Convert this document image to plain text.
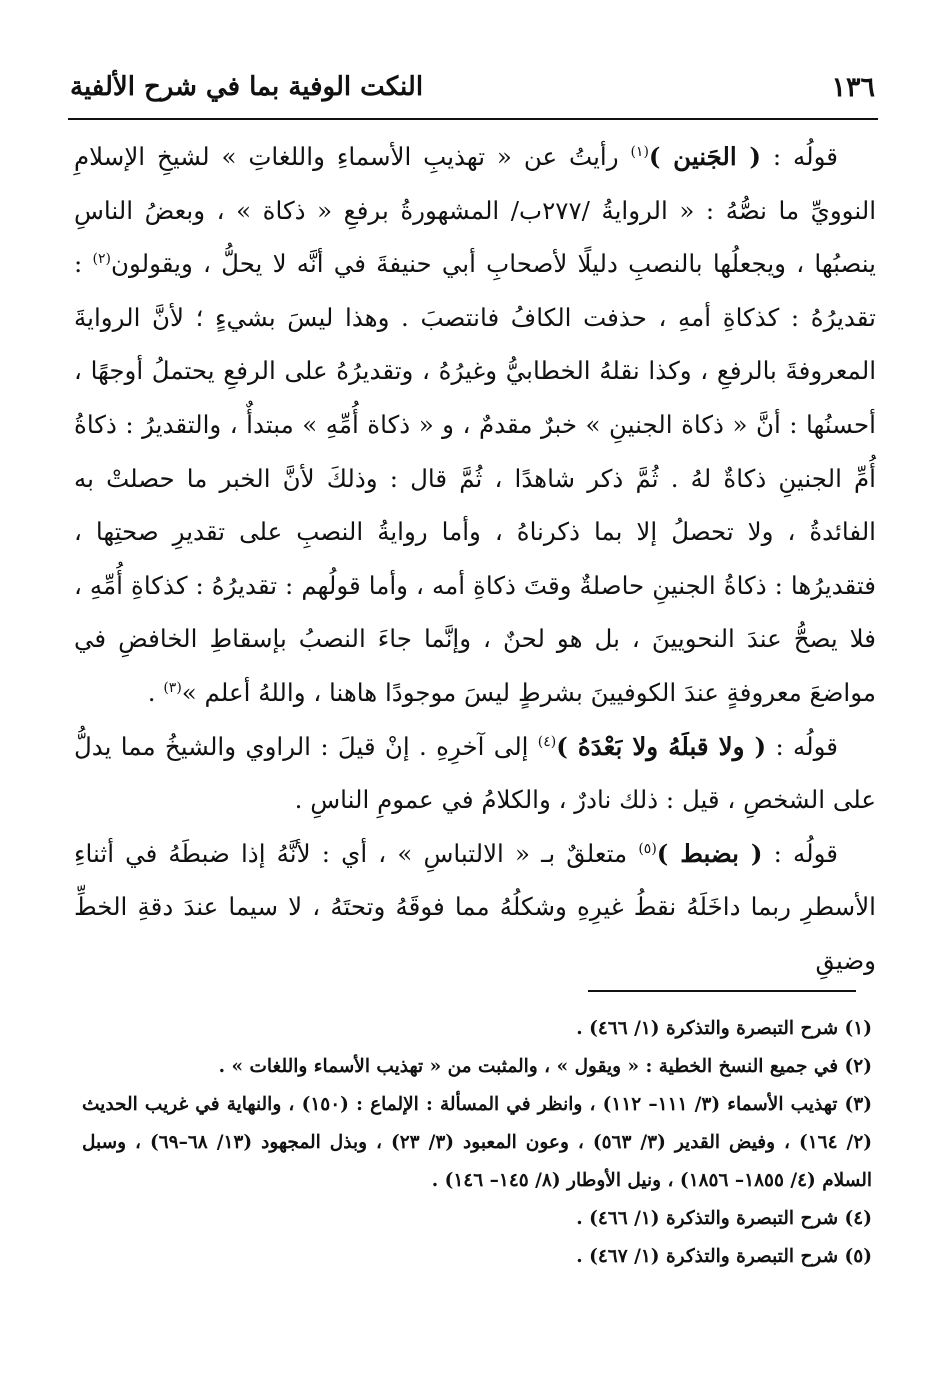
١٣٦
النكت الوفية بما في شرح الألفية

قولُه : ( الجَنين )$^{(١)}$ رأيتُ عن « تهذيبِ الأسماءِ واللغاتِ » لشيخِ الإسلامِ النوويِّ ما نصُّهُ : « الروايةُ /٢٧٧ب/ المشهورةُ برفعِ « ذكاة » ، وبعضُ الناسِ ينصبُها ، ويجعلُها بالنصبِ دليلًا لأصحابِ أبي حنيفةَ في أنَّه لا يحلُّ ، ويقولون$^{(٢)}$ : تقديرُهُ : كذكاةِ أمهِ ، حذفت الكافُ فانتصبَ . وهذا ليسَ بشيءٍ ؛ لأنَّ الروايةَ المعروفةَ بالرفعِ ، وكذا نقلهُ الخطابيُّ وغيرُهُ ، وتقديرُهُ على الرفعِ يحتملُ أوجهًا ، أحسنُها : أنَّ « ذكاة الجنينِ » خبرٌ مقدمٌ ، و « ذكاة أُمِّهِ » مبتدأٌ ، والتقديرُ : ذكاةُ أُمِّ الجنينِ ذكاةٌ لهُ . ثُمَّ ذكر شاهدًا ، ثُمَّ قال : وذلكَ لأنَّ الخبر ما حصلتْ به الفائدةُ ، ولا تحصلُ إلا بما ذكرناهُ ، وأما روايةُ النصبِ على تقديرِ صحتِها ، فتقديرُها : ذكاةُ الجنينِ حاصلةٌ وقتَ ذكاةِ أمه ، وأما قولُهم : تقديرُهُ : كذكاةِ أُمِّهِ ، فلا يصحُّ عندَ النحويينَ ، بل هو لحنٌ ، وإنَّما جاءَ النصبُ بإسقاطِ الخافضِ في مواضعَ معروفةٍ عندَ الكوفيينَ بشرطٍ ليسَ موجودًا هاهنا ، واللهُ أعلم »$^{(٣)}$ .

قولُه : ( ولا قبلَهُ ولا بَعْدَهُ )$^{(٤)}$ إلى آخرِهِ . إنْ قيلَ : الراوي والشيخُ مما يدلُّ على الشخصِ ، قيل : ذلك نادرٌ ، والكلامُ في عمومِ الناسِ .

قولُه : ( بضبط )$^{(٥)}$ متعلقٌ بـ « الالتباسِ » ، أي : لأنَّهُ إذا ضبطَهُ في أثناءِ الأسطرِ ربما داخَلَهُ نقطُ غيرِهِ وشكلُهُ مما فوقَهُ وتحتَهُ ، لا سيما عندَ دقةِ الخطِّ وضيقِ

(١) شرح التبصرة والتذكرة (١/ ٤٦٦) .

(٢) في جميع النسخ الخطية : « ويقول » ، والمثبت من « تهذيب الأسماء واللغات » .

(٣) تهذيب الأسماء (٣/ ١١١– ١١٢) ، وانظر في المسألة : الإلماع : (١٥٠) ، والنهاية في غريب الحديث (٢/ ١٦٤) ، وفيض القدير (٣/ ٥٦٣) ، وعون المعبود (٣/ ٢٣) ، وبذل المجهود (١٣/ ٦٨–٦٩) ، وسبل السلام (٤/ ١٨٥٥– ١٨٥٦) ، ونيل الأوطار (٨/ ١٤٥– ١٤٦) .

(٤) شرح التبصرة والتذكرة (١/ ٤٦٦) .

(٥) شرح التبصرة والتذكرة (١/ ٤٦٧) .
